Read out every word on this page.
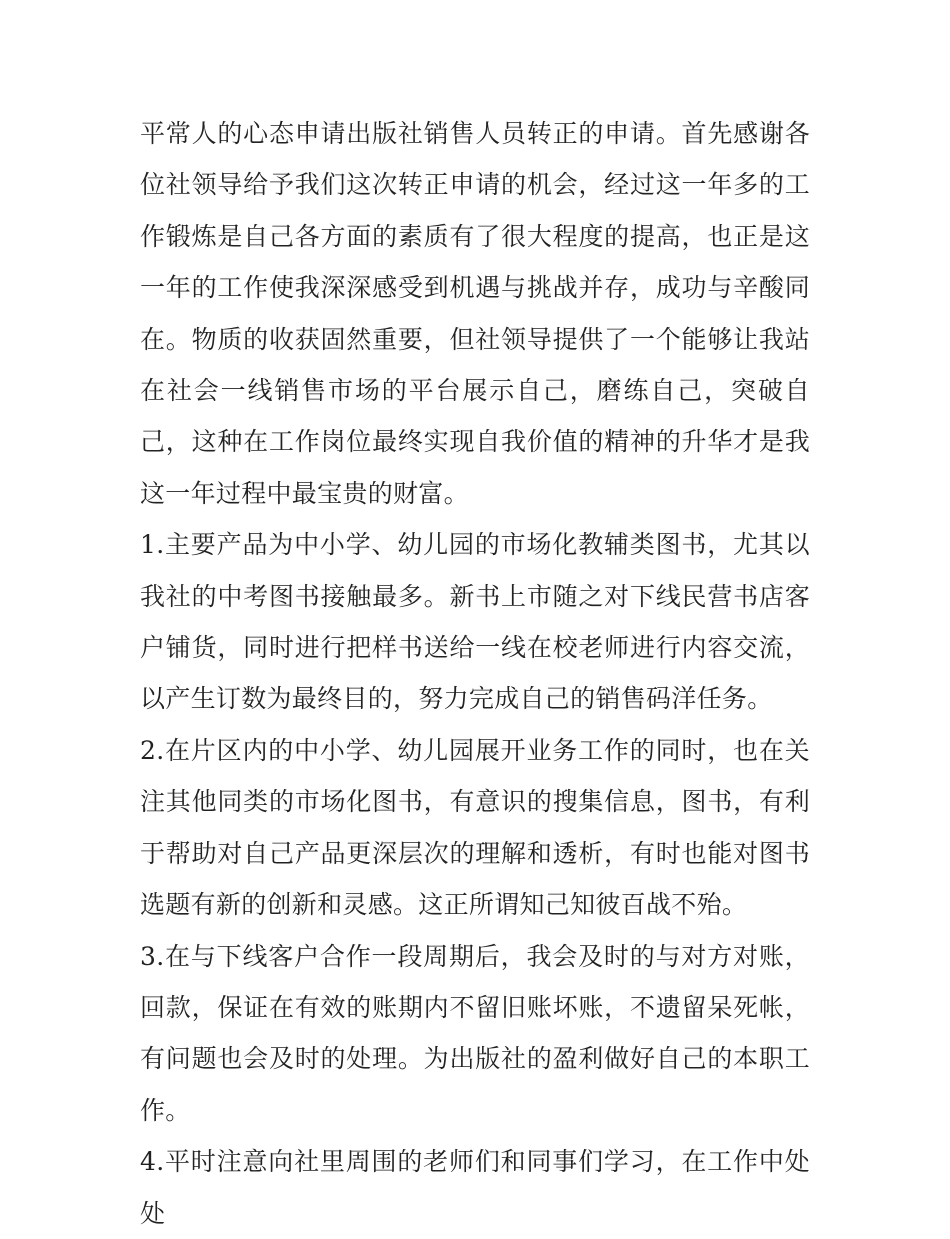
平常人的心态申请出版社销售人员转正的申请。首先感谢各位社领导给予我们这次转正申请的机会，经过这一年多的工作锻炼是自己各方面的素质有了很大程度的提高，也正是这一年的工作使我深深感受到机遇与挑战并存，成功与辛酸同在。物质的收获固然重要，但社领导提供了一个能够让我站在社会一线销售市场的平台展示自己，磨练自己，突破自己，这种在工作岗位最终实现自我价值的精神的升华才是我这一年过程中最宝贵的财富。

1.主要产品为中小学、幼儿园的市场化教辅类图书，尤其以我社的中考图书接触最多。新书上市随之对下线民营书店客户铺货，同时进行把样书送给一线在校老师进行内容交流，以产生订数为最终目的，努力完成自己的销售码洋任务。

2.在片区内的中小学、幼儿园展开业务工作的同时，也在关注其他同类的市场化图书，有意识的搜集信息，图书，有利于帮助对自己产品更深层次的理解和透析，有时也能对图书选题有新的创新和灵感。这正所谓知己知彼百战不殆。

3.在与下线客户合作一段周期后，我会及时的与对方对账，回款，保证在有效的账期内不留旧账坏账，不遗留呆死帐，有问题也会及时的处理。为出版社的盈利做好自己的本职工作。

4.平时注意向社里周围的老师们和同事们学习，在工作中处处
